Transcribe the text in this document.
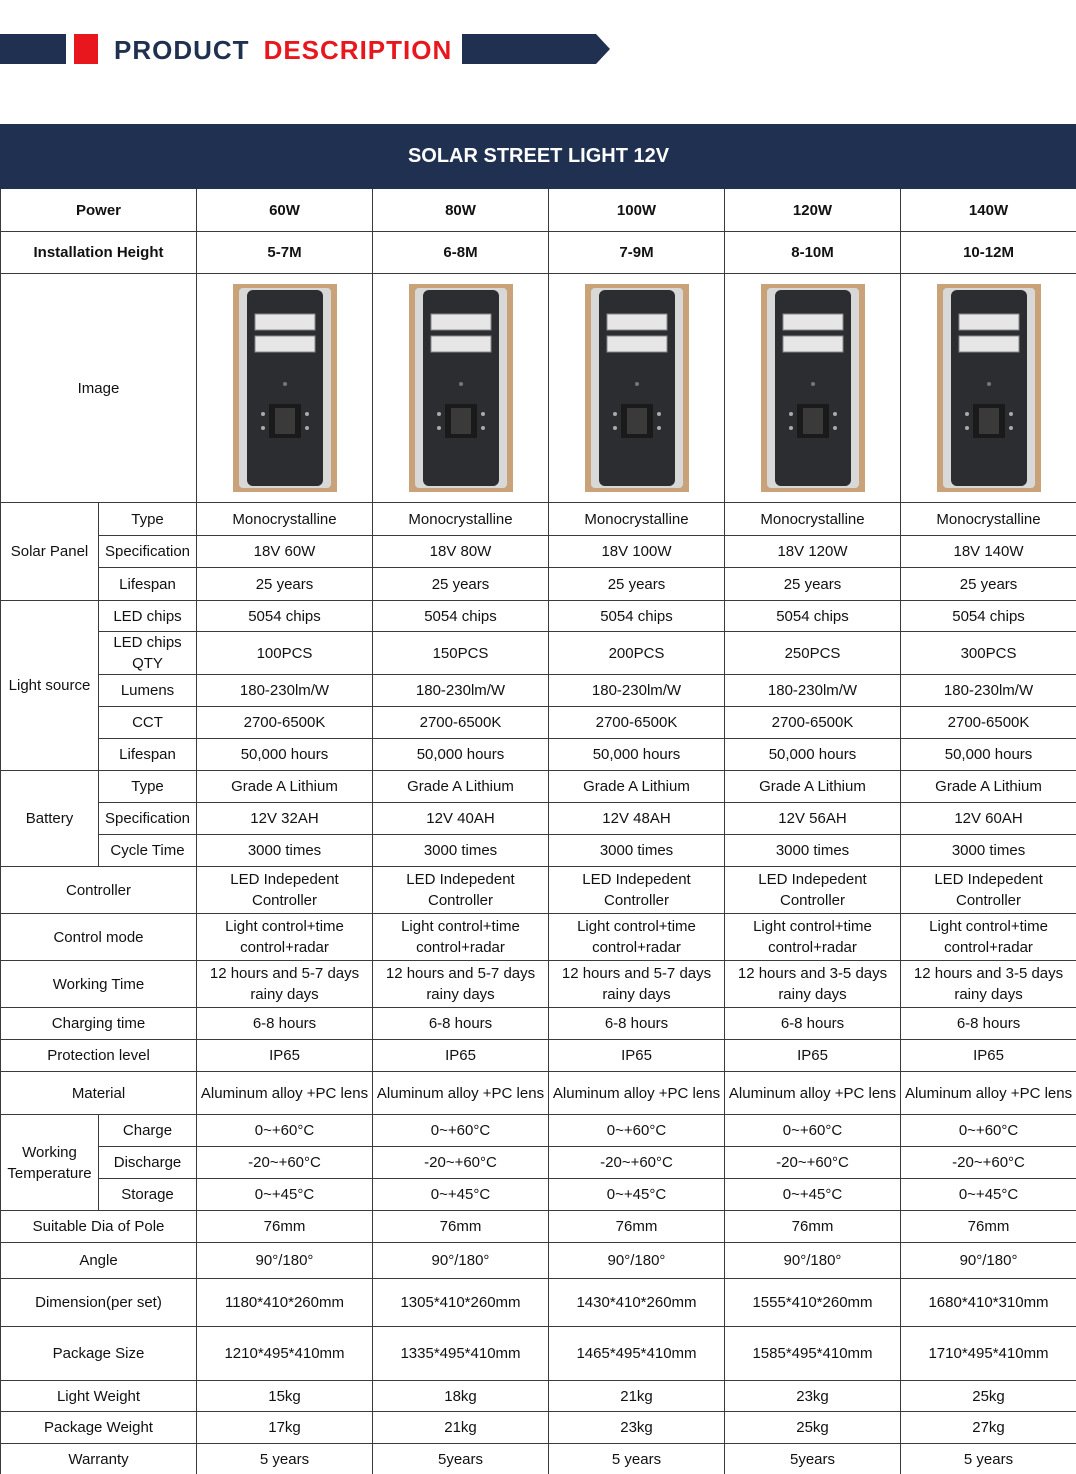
PRODUCT DESCRIPTION
SOLAR STREET LIGHT 12V						
Power		60W	80W	100W	120W	140W
Installation Height		5-7M	6-8M	7-9M	8-10M	10-12M
Image	

Solar Panel	Type	Monocrystalline	Monocrystalline	Monocrystalline	Monocrystalline	Monocrystalline
	Specification	18V 60W	18V 80W	18V 100W	18V 120W	18V 140W
	Lifespan	25 years	25 years	25 years	25 years	25 years
Light source	LED chips	5054 chips	5054 chips	5054 chips	5054 chips	5054 chips
	LED chips QTY	100PCS	150PCS	200PCS	250PCS	300PCS
	Lumens	180-230lm/W	180-230lm/W	180-230lm/W	180-230lm/W	180-230lm/W
	CCT	2700-6500K	2700-6500K	2700-6500K	2700-6500K	2700-6500K
	Lifespan	50,000 hours	50,000 hours	50,000 hours	50,000 hours	50,000 hours
Battery	Type	Grade A Lithium	Grade A Lithium	Grade A Lithium	Grade A Lithium	Grade A Lithium
	Specification	12V 32AH	12V 40AH	12V 48AH	12V 56AH	12V 60AH
	Cycle Time	3000 times	3000 times	3000 times	3000 times	3000 times
Controller		LED Indepedent Controller	LED Indepedent Controller	LED Indepedent Controller	LED Indepedent Controller	LED Indepedent Controller
Control mode		Light control+time control+radar	Light control+time control+radar	Light control+time control+radar	Light control+time control+radar	Light control+time control+radar
Working Time		12 hours and 5-7 days rainy days	12 hours and 5-7 days rainy days	12 hours and 5-7 days rainy days	12 hours and 3-5 days rainy days	12 hours and 3-5 days rainy days
Charging time		6-8 hours	6-8 hours	6-8 hours	6-8 hours	6-8 hours
Protection level		IP65	IP65	IP65	IP65	IP65
Material		Aluminum alloy +PC lens	Aluminum alloy +PC lens	Aluminum alloy +PC lens	Aluminum alloy +PC lens	Aluminum alloy +PC lens
Working Temperature	Charge	0~+60°C	0~+60°C	0~+60°C	0~+60°C	0~+60°C
	Discharge	-20~+60°C	-20~+60°C	-20~+60°C	-20~+60°C	-20~+60°C
	Storage	0~+45°C	0~+45°C	0~+45°C	0~+45°C	0~+45°C
Suitable Dia of Pole		76mm	76mm	76mm	76mm	76mm
Angle		90°/180°	90°/180°	90°/180°	90°/180°	90°/180°
Dimension(per set)		1180*410*260mm	1305*410*260mm	1430*410*260mm	1555*410*260mm	1680*410*310mm
Package Size		1210*495*410mm	1335*495*410mm	1465*495*410mm	1585*495*410mm	1710*495*410mm
Light Weight		15kg	18kg	21kg	23kg	25kg
Package Weight		17kg	21kg	23kg	25kg	27kg
Warranty		5 years	5years	5 years	5years	5 years
